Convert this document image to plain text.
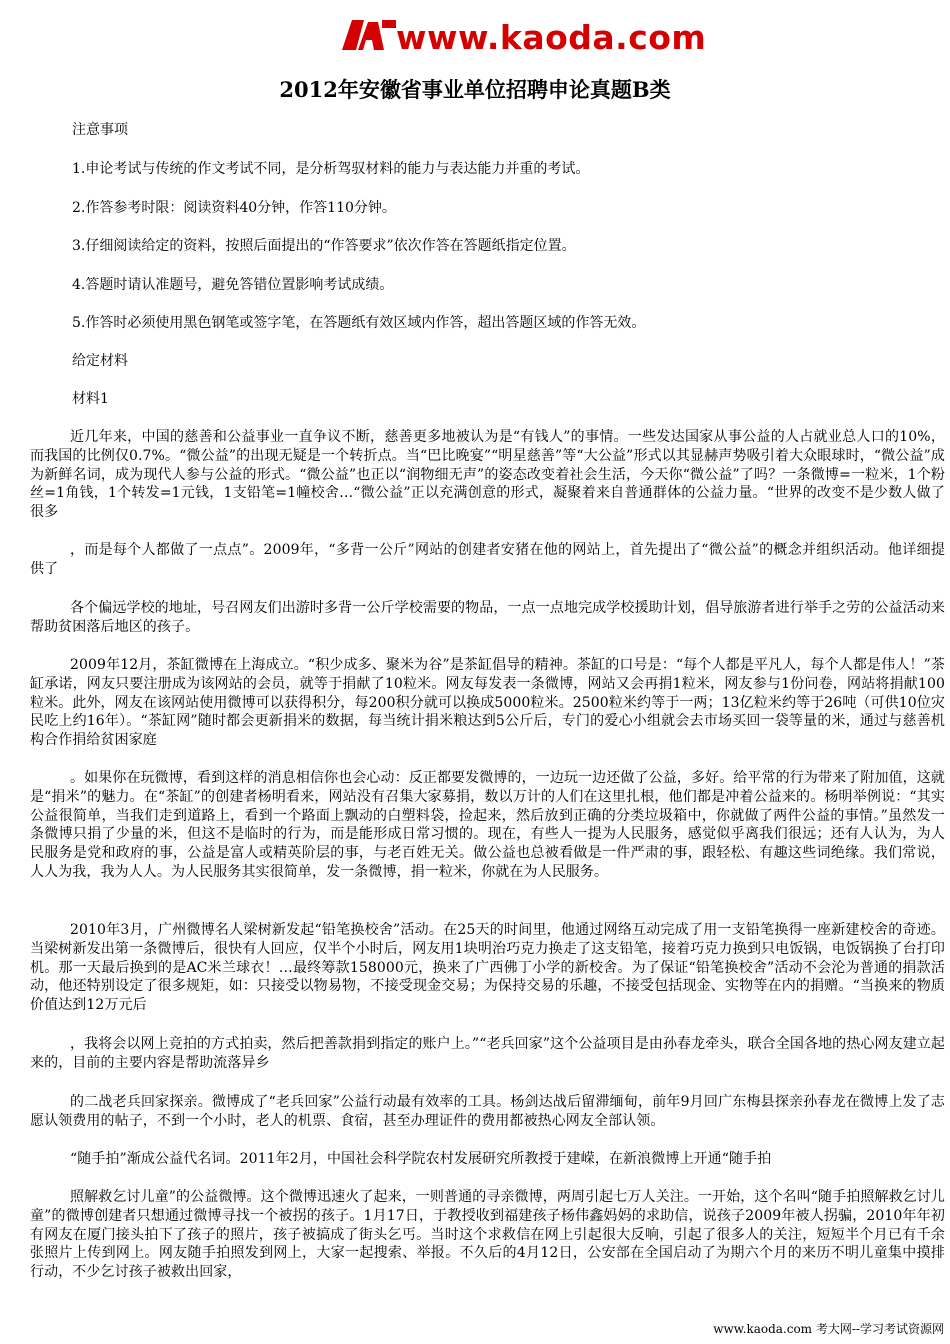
www.kaoda.com
2012年安徽省事业单位招聘申论真题B类
注意事项
1.申论考试与传统的作文考试不同，是分析驾驭材料的能力与表达能力并重的考试。
2.作答参考时限：阅读资料40分钟，作答110分钟。
3.仔细阅读给定的资料，按照后面提出的“作答要求”依次作答在答题纸指定位置。
4.答题时请认准题号，避免答错位置影响考试成绩。
5.作答时必须使用黑色钢笔或签字笔，在答题纸有效区域内作答，超出答题区域的作答无效。
给定材料
材料1
近几年来，中国的慈善和公益事业一直争议不断，慈善更多地被认为是“有钱人”的事情。一些发达国家从事公益的人占就业总人口的10%，而我国的比例仅0.7%。“微公益”的出现无疑是一个转折点。当“巴比晚宴”“明星慈善”等“大公益”形式以其显赫声势吸引着大众眼球时，“微公益”成为新鲜名词，成为现代人参与公益的形式。“微公益”也正以“润物细无声”的姿态改变着社会生活，今天你“微公益”了吗？一条微博=一粒米，1个粉丝=1角钱，1个转发=1元钱，1支铅笔=1幢校舍…“微公益”正以充满创意的形式，凝聚着来自普通群体的公益力量。“世界的改变不是少数人做了很多
，而是每个人都做了一点点”。2009年，“多背一公斤”网站的创建者安猪在他的网站上，首先提出了“微公益”的概念并组织活动。他详细提供了
各个偏远学校的地址，号召网友们出游时多背一公斤学校需要的物品，一点一点地完成学校援助计划，倡导旅游者进行举手之劳的公益活动来帮助贫困落后地区的孩子。
2009年12月，茶缸微博在上海成立。“积少成多、聚米为谷”是茶缸倡导的精神。茶缸的口号是：“每个人都是平凡人，每个人都是伟人！”茶缸承诺，网友只要注册成为该网站的会员，就等于捐献了10粒米。网友每发表一条微博，网站又会再捐1粒米，网友参与1份问卷，网站将捐献100粒米。此外，网友在该网站使用微博可以获得积分，每200积分就可以换成5000粒米。2500粒米约等于一两；13亿粒米约等于26吨（可供10位灾民吃上约16年）。“茶缸网”随时都会更新捐米的数据，每当统计捐米粮达到5公斤后，专门的爱心小组就会去市场买回一袋等量的米，通过与慈善机构合作捐给贫困家庭
。如果你在玩微博，看到这样的消息相信你也会心动：反正都要发微博的，一边玩一边还做了公益，多好。给平常的行为带来了附加值，这就是“捐米”的魅力。在“茶缸”的创建者杨明看来，网站没有召集大家募捐，数以万计的人们在这里扎根，他们都是冲着公益来的。杨明举例说：“其实公益很简单，当我们走到道路上，看到一个路面上飘动的白塑料袋，捡起来，然后放到正确的分类垃圾箱中，你就做了两件公益的事情。”虽然发一条微博只捐了少量的米，但这不是临时的行为，而是能形成日常习惯的。现在，有些人一提为人民服务，感觉似乎离我们很远；还有人认为，为人民服务是党和政府的事，公益是富人或精英阶层的事，与老百姓无关。做公益也总被看做是一件严肃的事，跟轻松、有趣这些词绝缘。我们常说，人人为我，我为人人。为人民服务其实很简单，发一条微博，捐一粒米，你就在为人民服务。
2010年3月，广州微博名人梁树新发起“铅笔换校舍”活动。在25天的时间里，他通过网络互动完成了用一支铅笔换得一座新建校舍的奇迹。当梁树新发出第一条微博后，很快有人回应，仅半个小时后，网友用1块明治巧克力换走了这支铅笔，接着巧克力换到只电饭锅，电饭锅换了台打印机。那一天最后换到的是AC米兰球衣！…最终筹款158000元，换来了广西佛丁小学的新校舍。为了保证“铅笔换校舍”活动不会沦为普通的捐款活动，他还特别设定了很多规矩，如：只接受以物易物，不接受现金交易；为保持交易的乐趣，不接受包括现金、实物等在内的捐赠。“当换来的物质价值达到12万元后
，我将会以网上竞拍的方式拍卖，然后把善款捐到指定的账户上。”“老兵回家”这个公益项目是由孙春龙牵头，联合全国各地的热心网友建立起来的，目前的主要内容是帮助流落异乡
的二战老兵回家探亲。微博成了“老兵回家”公益行动最有效率的工具。杨剑达战后留滞缅甸，前年9月回广东梅县探亲孙春龙在微博上发了志愿认领费用的帖子，不到一个小时，老人的机票、食宿，甚至办理证件的费用都被热心网友全部认领。
“随手拍”渐成公益代名词。2011年2月，中国社会科学院农村发展研究所教授于建嵘，在新浪微博上开通“随手拍
照解救乞讨儿童”的公益微博。这个微博迅速火了起来，一则普通的寻亲微博，两周引起七万人关注。一开始，这个名叫“随手拍照解救乞讨儿童”的微博创建者只想通过微博寻找一个被拐的孩子。1月17日，于教授收到福建孩子杨伟鑫妈妈的求助信，说孩子2009年被人拐骗，2010年年初有网友在厦门接头拍下了孩子的照片，孩子被搞成了街头乞丐。当时这个求救信在网上引起很大反响，引起了很多人的关注，短短半个月已有千余张照片上传到网上。网友随手拍照发到网上，大家一起搜索、举报。不久后的4月12日，公安部在全国启动了为期六个月的来历不明儿童集中摸排行动，不少乞讨孩子被救出回家，
www.kaoda.com 考大网--学习考试资源网
